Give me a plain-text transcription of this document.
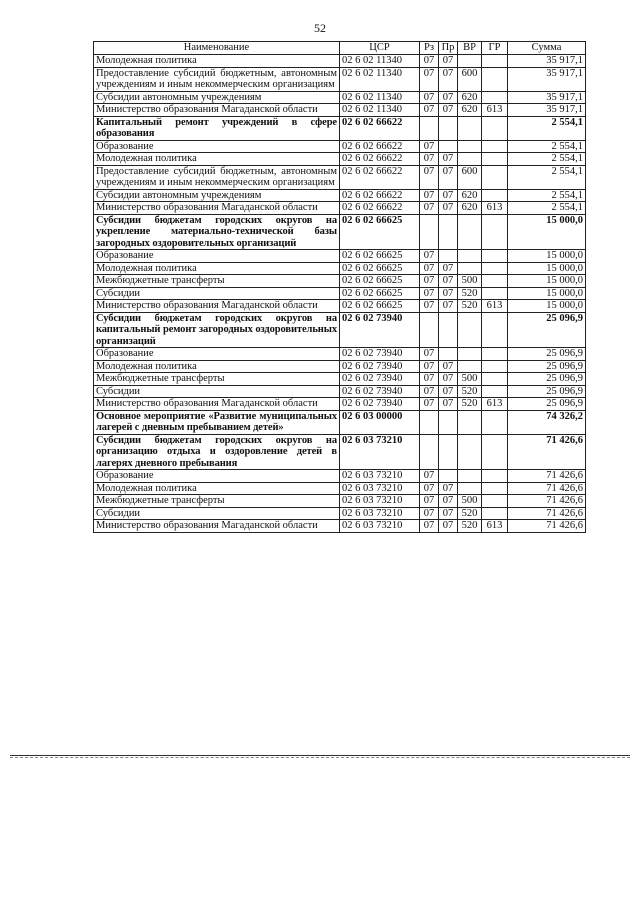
52
Наименование	ЦСР	Рз	Пр	ВР	ГР	Сумма
Молодежная политика	02 6 02 11340	07	07			35 917,1
Предоставление субсидий бюджетным, автономным учреждениям и иным некоммерческим организациям	02 6 02 11340	07	07	600		35 917,1
Субсидии автономным учреждениям	02 6 02 11340	07	07	620		35 917,1
Министерство образования Магаданской области	02 6 02 11340	07	07	620	613	35 917,1
Капитальный ремонт учреждений в сфере образования	02 6 02 66622					2 554,1
Образование	02 6 02 66622	07				2 554,1
Молодежная политика	02 6 02 66622	07	07			2 554,1
Предоставление субсидий бюджетным, автономным учреждениям и иным некоммерческим организациям	02 6 02 66622	07	07	600		2 554,1
Субсидии автономным учреждениям	02 6 02 66622	07	07	620		2 554,1
Министерство образования Магаданской области	02 6 02 66622	07	07	620	613	2 554,1
Субсидии бюджетам городских округов на укрепление материально-технической базы загородных оздоровительных организаций	02 6 02 66625					15 000,0
Образование	02 6 02 66625	07				15 000,0
Молодежная политика	02 6 02 66625	07	07			15 000,0
Межбюджетные трансферты	02 6 02 66625	07	07	500		15 000,0
Субсидии	02 6 02 66625	07	07	520		15 000,0
Министерство образования Магаданской области	02 6 02 66625	07	07	520	613	15 000,0
Субсидии бюджетам городских округов на капитальный ремонт загородных оздоровительных организаций	02 6 02 73940					25 096,9
Образование	02 6 02 73940	07				25 096,9
Молодежная политика	02 6 02 73940	07	07			25 096,9
Межбюджетные трансферты	02 6 02 73940	07	07	500		25 096,9
Субсидии	02 6 02 73940	07	07	520		25 096,9
Министерство образования Магаданской области	02 6 02 73940	07	07	520	613	25 096,9
Основное мероприятие «Развитие муниципальных лагерей с дневным пребыванием детей»	02 6 03 00000					74 326,2
Субсидии бюджетам городских округов на организацию отдыха и оздоровление детей в лагерях дневного пребывания	02 6 03 73210					71 426,6
Образование	02 6 03 73210	07				71 426,6
Молодежная политика	02 6 03 73210	07	07			71 426,6
Межбюджетные трансферты	02 6 03 73210	07	07	500		71 426,6
Субсидии	02 6 03 73210	07	07	520		71 426,6
Министерство образования Магаданской области	02 6 03 73210	07	07	520	613	71 426,6
